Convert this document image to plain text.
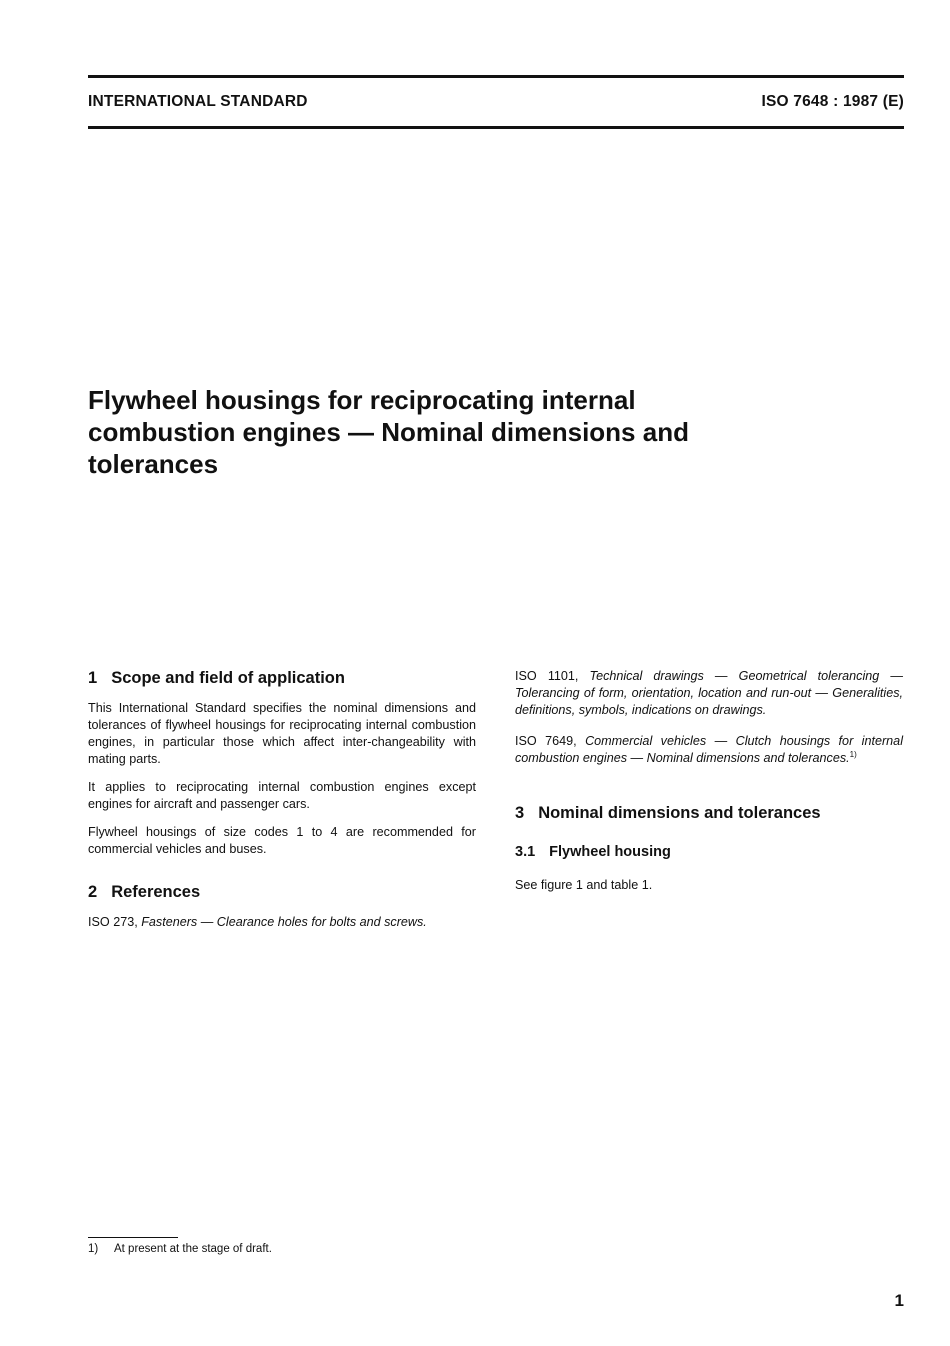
INTERNATIONAL STANDARD	ISO 7648 : 1987 (E)
Flywheel housings for reciprocating internal
combustion engines — Nominal dimensions and
tolerances
1 Scope and field of application

This International Standard specifies the nominal dimensions and tolerances of flywheel housings for reciprocating internal combustion engines, in particular those which affect inter-changeability with mating parts.

It applies to reciprocating internal combustion engines except engines for aircraft and passenger cars.

Flywheel housings of size codes 1 to 4 are recommended for commercial vehicles and buses.

2 References

ISO 273, Fasteners — Clearance holes for bolts and screws.

ISO 1101, Technical drawings — Geometrical tolerancing — Tolerancing of form, orientation, location and run-out — Generalities, definitions, symbols, indications on drawings.

ISO 7649, Commercial vehicles — Clutch housings for internal combustion engines — Nominal dimensions and tolerances.$^{1)}$

3 Nominal dimensions and tolerances
3.1 Flywheel housing

See figure 1 and table 1.

1) At present at the stage of draft.
1
